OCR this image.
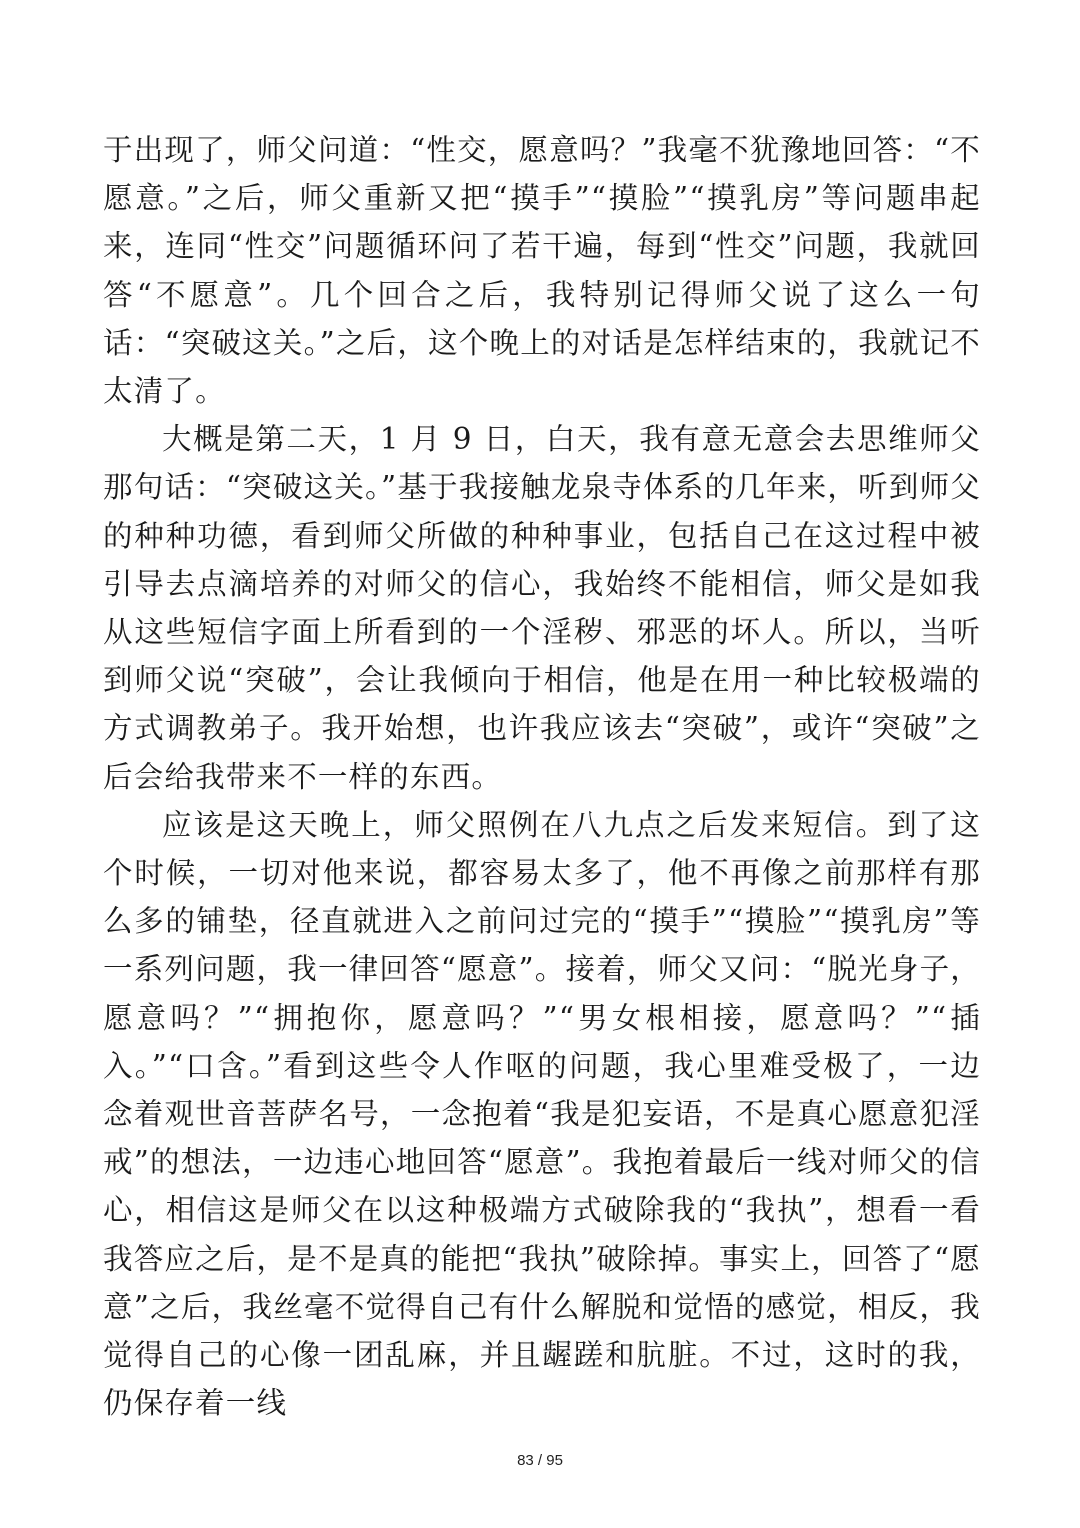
于出现了，师父问道：“性交，愿意吗？”我毫不犹豫地回答：“不愿意。”之后，师父重新又把“摸手”“摸脸”“摸乳房”等问题串起来，连同“性交”问题循环问了若干遍，每到“性交”问题，我就回答“不愿意”。几个回合之后，我特别记得师父说了这么一句话：“突破这关。”之后，这个晚上的对话是怎样结束的，我就记不太清了。

大概是第二天，1 月 9 日，白天，我有意无意会去思维师父那句话：“突破这关。”基于我接触龙泉寺体系的几年来，听到师父的种种功德，看到师父所做的种种事业，包括自己在这过程中被引导去点滴培养的对师父的信心，我始终不能相信，师父是如我从这些短信字面上所看到的一个淫秽、邪恶的坏人。所以，当听到师父说“突破”，会让我倾向于相信，他是在用一种比较极端的方式调教弟子。我开始想，也许我应该去“突破”，或许“突破”之后会给我带来不一样的东西。

应该是这天晚上，师父照例在八九点之后发来短信。到了这个时候，一切对他来说，都容易太多了，他不再像之前那样有那么多的铺垫，径直就进入之前问过完的“摸手”“摸脸”“摸乳房”等一系列问题，我一律回答“愿意”。接着，师父又问：“脱光身子，愿意吗？”“拥抱你，愿意吗？”“男女根相接，愿意吗？”“插入。”“口含。”看到这些令人作呕的问题，我心里难受极了，一边念着观世音菩萨名号，一念抱着“我是犯妄语，不是真心愿意犯淫戒”的想法，一边违心地回答“愿意”。我抱着最后一线对师父的信心，相信这是师父在以这种极端方式破除我的“我执”，想看一看我答应之后，是不是真的能把“我执”破除掉。事实上，回答了“愿意”之后，我丝毫不觉得自己有什么解脱和觉悟的感觉，相反，我觉得自己的心像一团乱麻，并且龌蹉和肮脏。不过，这时的我，仍保存着一线

83 / 95
